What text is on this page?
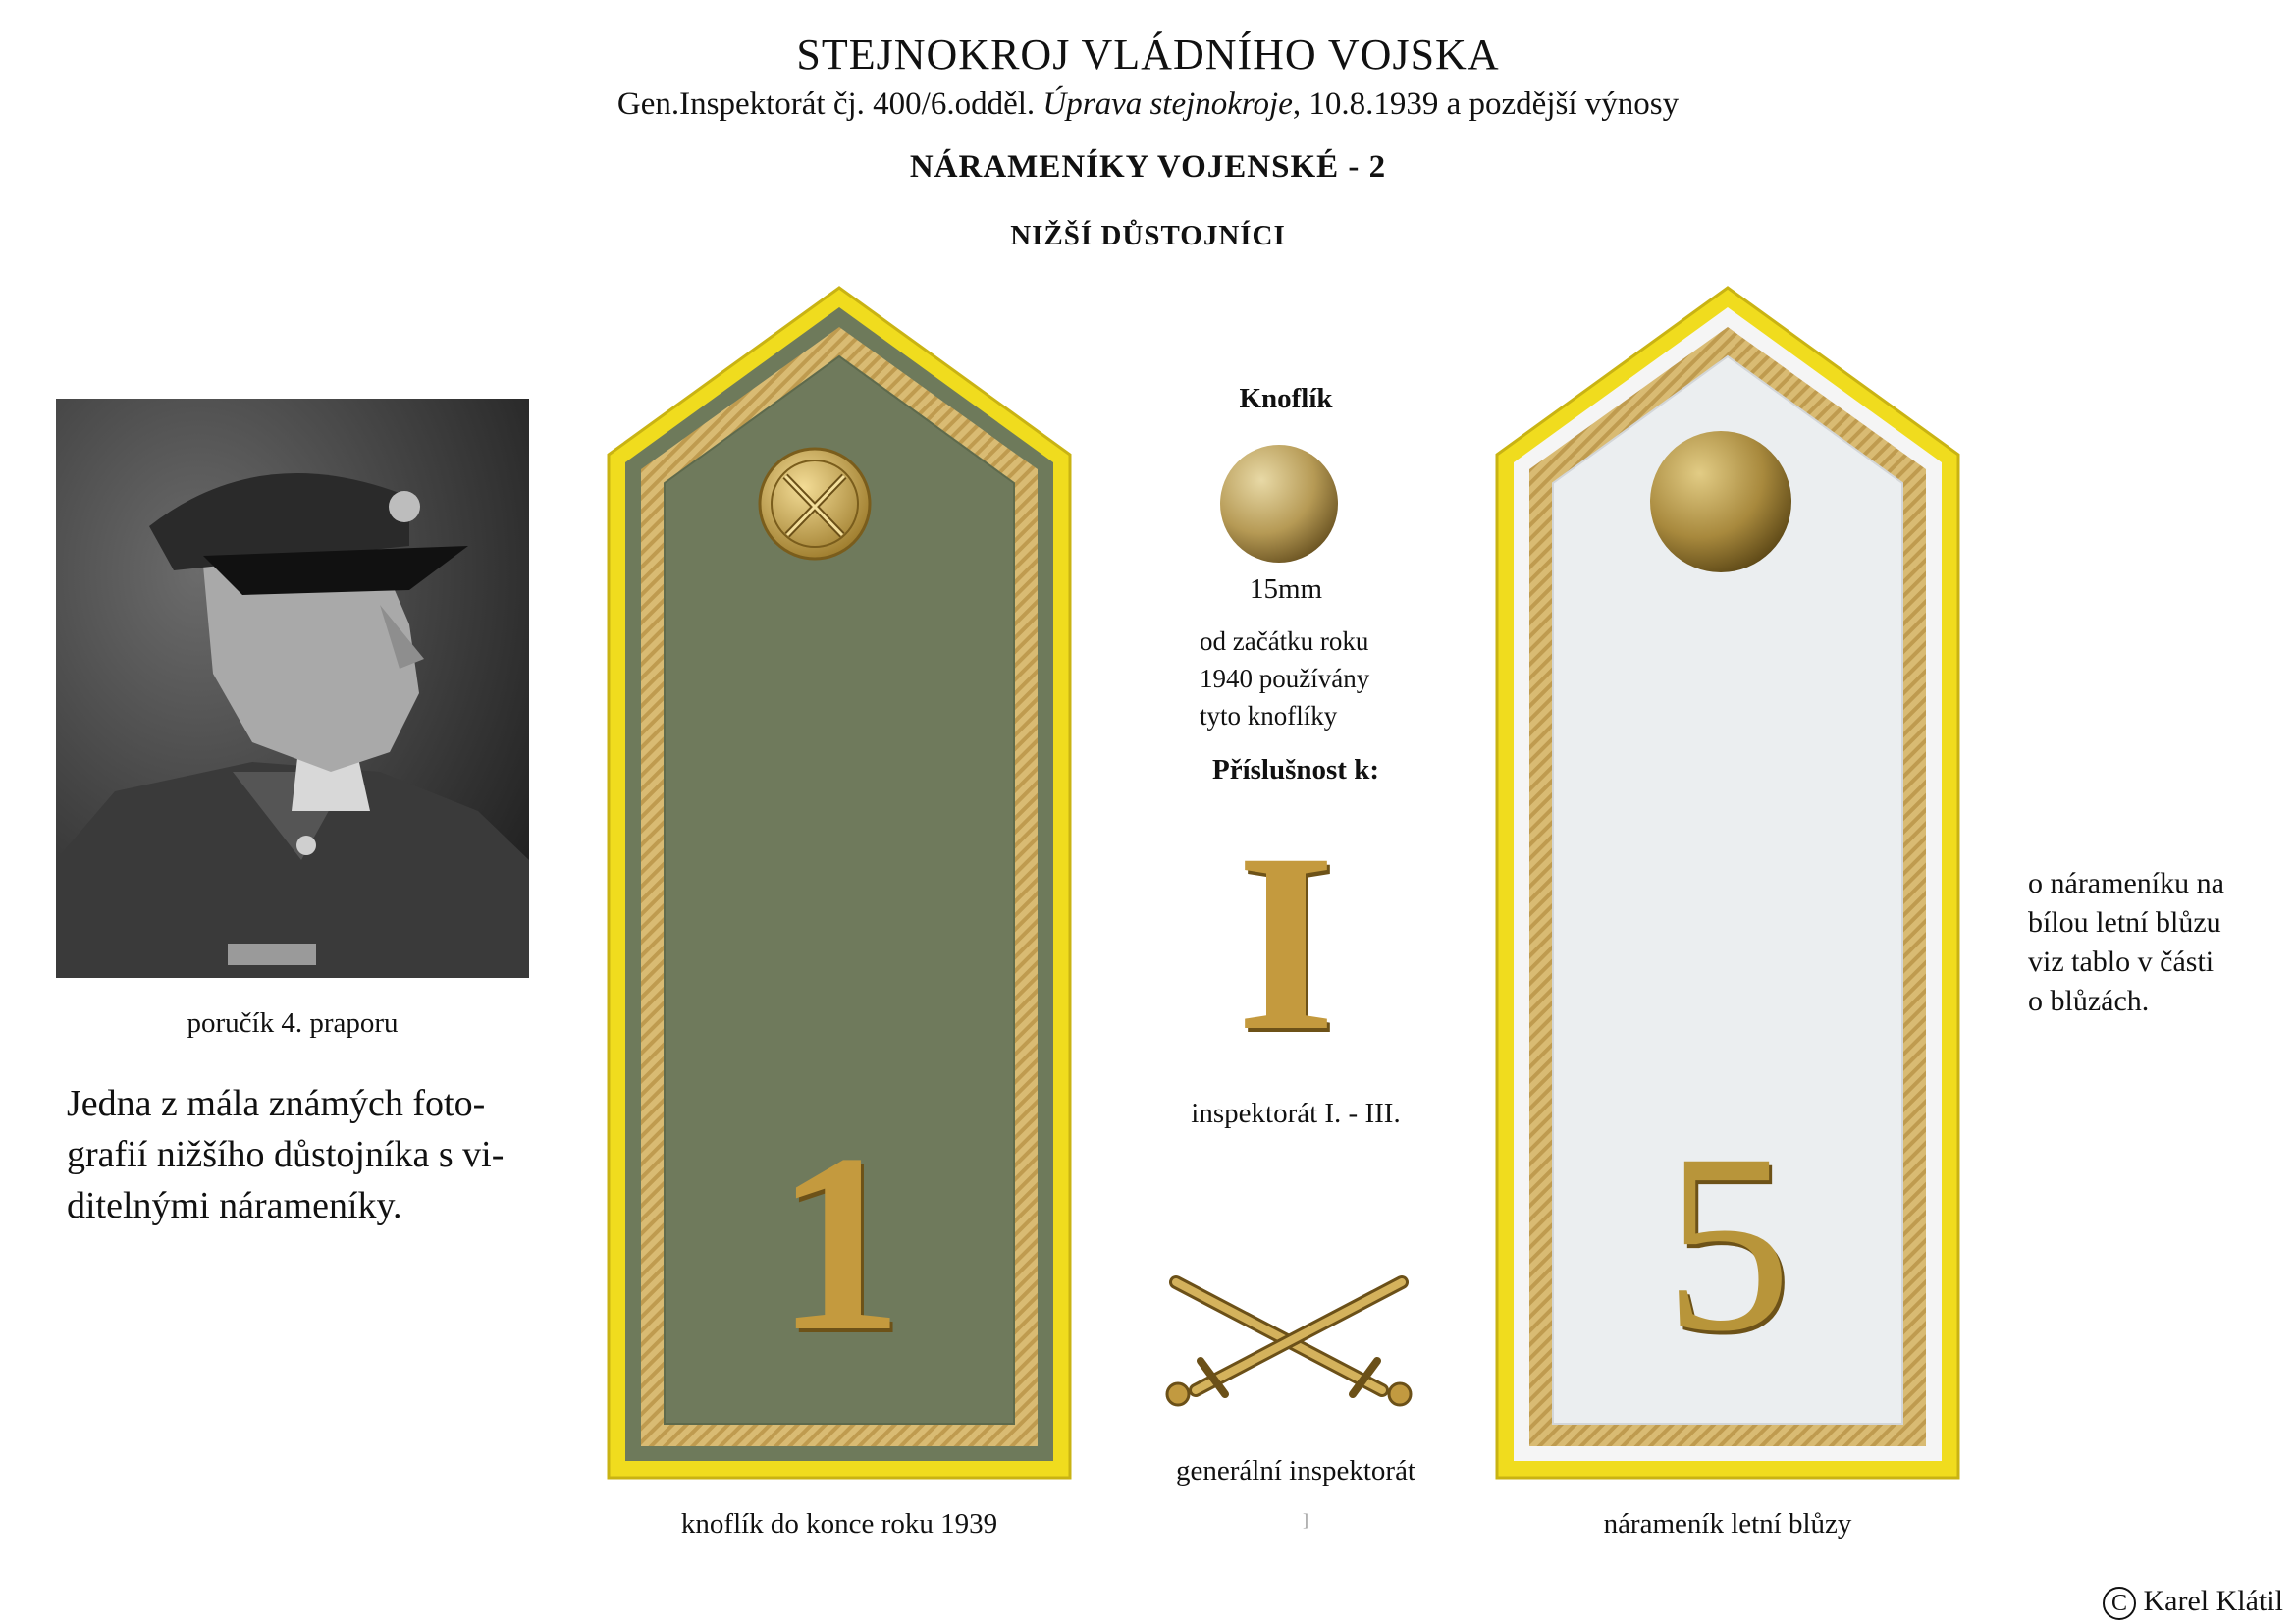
STEJNOKROJ VLÁDNÍHO VOJSKA
Gen.Inspektorát čj. 400/6.odděl. Úprava stejnokroje, 10.8.1939 a pozdější výnosy
NÁRAMENÍKY VOJENSKÉ - 2
NIŽŠÍ DŮSTOJNÍCI
poručík 4. praporu
Jedna z mála známých foto-grafií nižšího důstojníka s vi-ditelnými nárameníky.	1
knoflík do konce roku 1939
Knoflík
15mm
od začátku roku
1940 používány
tyto knoflíky
Příslušnost k:
I
inspektorát I. - III.
generální inspektorát
]
5
nárameník letní blůzy
o nárameníku na
bílou letní blůzu
viz tablo v části
o blůzách.
C Karel Klátil
